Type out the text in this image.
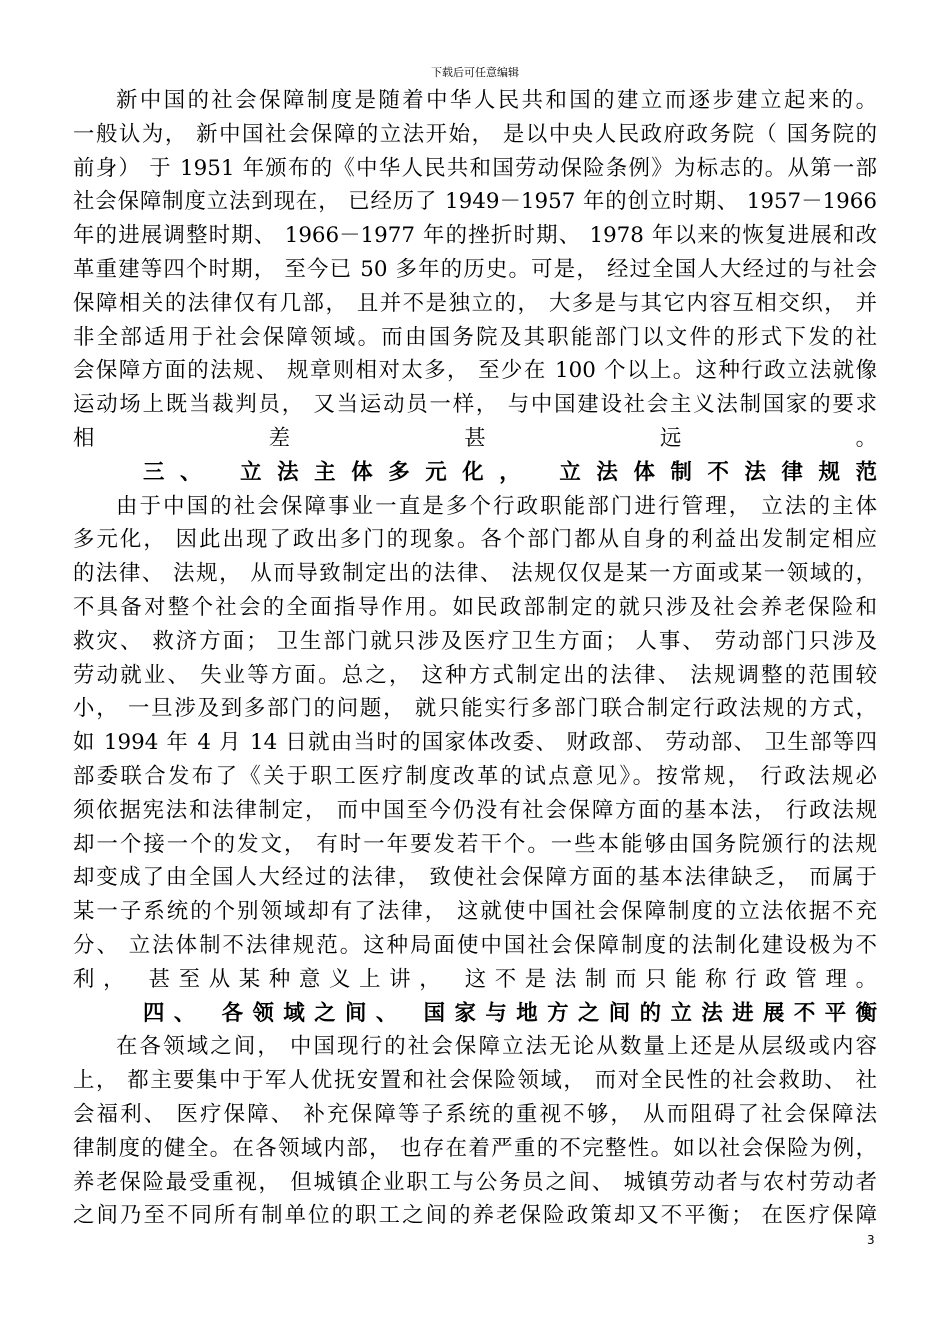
下载后可任意编辑
新中国的社会保障制度是随着中华人民共和国的建立而逐步建立起来的。
一般认为， 新中国社会保障的立法开始， 是以中央人民政府政务院（ 国务院的
前身） 于 1951 年颁布的《中华人民共和国劳动保险条例》为标志的。从第一部
社会保障制度立法到现在， 已经历了 1949－1957 年的创立时期、 1957－1966
年的进展调整时期、 1966－1977 年的挫折时期、 1978 年以来的恢复进展和改
革重建等四个时期， 至今已 50 多年的历史。可是， 经过全国人大经过的与社会
保障相关的法律仅有几部， 且并不是独立的， 大多是与其它内容互相交织， 并
非全部适用于社会保障领域。而由国务院及其职能部门以文件的形式下发的社
会保障方面的法规、 规章则相对太多， 至少在 100 个以上。这种行政立法就像
运动场上既当裁判员， 又当运动员一样， 与中国建设社会主义法制国家的要求
相差甚远。
三、 立法主体多元化， 立法体制不法律规范
由于中国的社会保障事业一直是多个行政职能部门进行管理， 立法的主体
多元化， 因此出现了政出多门的现象。各个部门都从自身的利益出发制定相应
的法律、 法规， 从而导致制定出的法律、 法规仅仅是某一方面或某一领域的，
不具备对整个社会的全面指导作用。如民政部制定的就只涉及社会养老保险和
救灾、 救济方面； 卫生部门就只涉及医疗卫生方面； 人事、 劳动部门只涉及
劳动就业、 失业等方面。总之， 这种方式制定出的法律、 法规调整的范围较
小， 一旦涉及到多部门的问题， 就只能实行多部门联合制定行政法规的方式，
如 1994 年 4 月 14 日就由当时的国家体改委、 财政部、 劳动部、 卫生部等四
部委联合发布了《关于职工医疗制度改革的试点意见》。按常规， 行政法规必
须依据宪法和法律制定， 而中国至今仍没有社会保障方面的基本法， 行政法规
却一个接一个的发文， 有时一年要发若干个。一些本能够由国务院颁行的法规
却变成了由全国人大经过的法律， 致使社会保障方面的基本法律缺乏， 而属于
某一子系统的个别领域却有了法律， 这就使中国社会保障制度的立法依据不充
分、 立法体制不法律规范。这种局面使中国社会保障制度的法制化建设极为不
利， 甚至从某种意义上讲， 这不是法制而只能称行政管理。
四、 各领域之间、 国家与地方之间的立法进展不平衡
在各领域之间， 中国现行的社会保障立法无论从数量上还是从层级或内容
上， 都主要集中于军人优抚安置和社会保险领域， 而对全民性的社会救助、 社
会福利、 医疗保障、 补充保障等子系统的重视不够， 从而阻碍了社会保障法
律制度的健全。在各领域内部， 也存在着严重的不完整性。如以社会保险为例，
养老保险最受重视， 但城镇企业职工与公务员之间、 城镇劳动者与农村劳动者
之间乃至不同所有制单位的职工之间的养老保险政策却又不平衡； 在医疗保障
3
